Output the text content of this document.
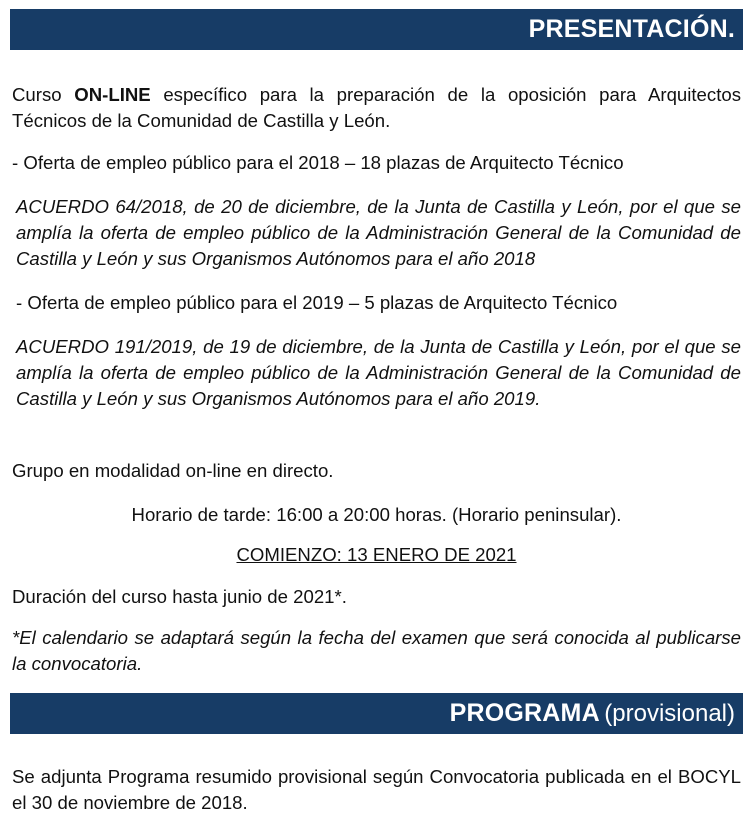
PRESENTACIÓN.

Curso ON-LINE específico para la preparación de la oposición para Arquitectos Técnicos de la Comunidad de Castilla y León.

- Oferta de empleo público para el 2018 – 18 plazas de Arquitecto Técnico

ACUERDO 64/2018, de 20 de diciembre, de la Junta de Castilla y León, por el que se amplía la oferta de empleo público de la Administración General de la Comunidad de Castilla y León y sus Organismos Autónomos para el año 2018

- Oferta de empleo público para el 2019 – 5 plazas de Arquitecto Técnico

ACUERDO 191/2019, de 19 de diciembre, de la Junta de Castilla y León, por el que se amplía la oferta de empleo público de la Administración General de la Comunidad de Castilla y León y sus Organismos Autónomos para el año 2019.

Grupo en modalidad on-line en directo.

Horario de tarde: 16:00 a 20:00 horas. (Horario peninsular).

COMIENZO: 13 ENERO DE 2021

Duración del curso hasta junio de 2021*.

*El calendario se adaptará según la fecha del examen que será conocida al publicarse la convocatoria.

PROGRAMA (provisional)

Se adjunta Programa resumido provisional según Convocatoria publicada en el BOCYL el 30 de noviembre de 2018.
